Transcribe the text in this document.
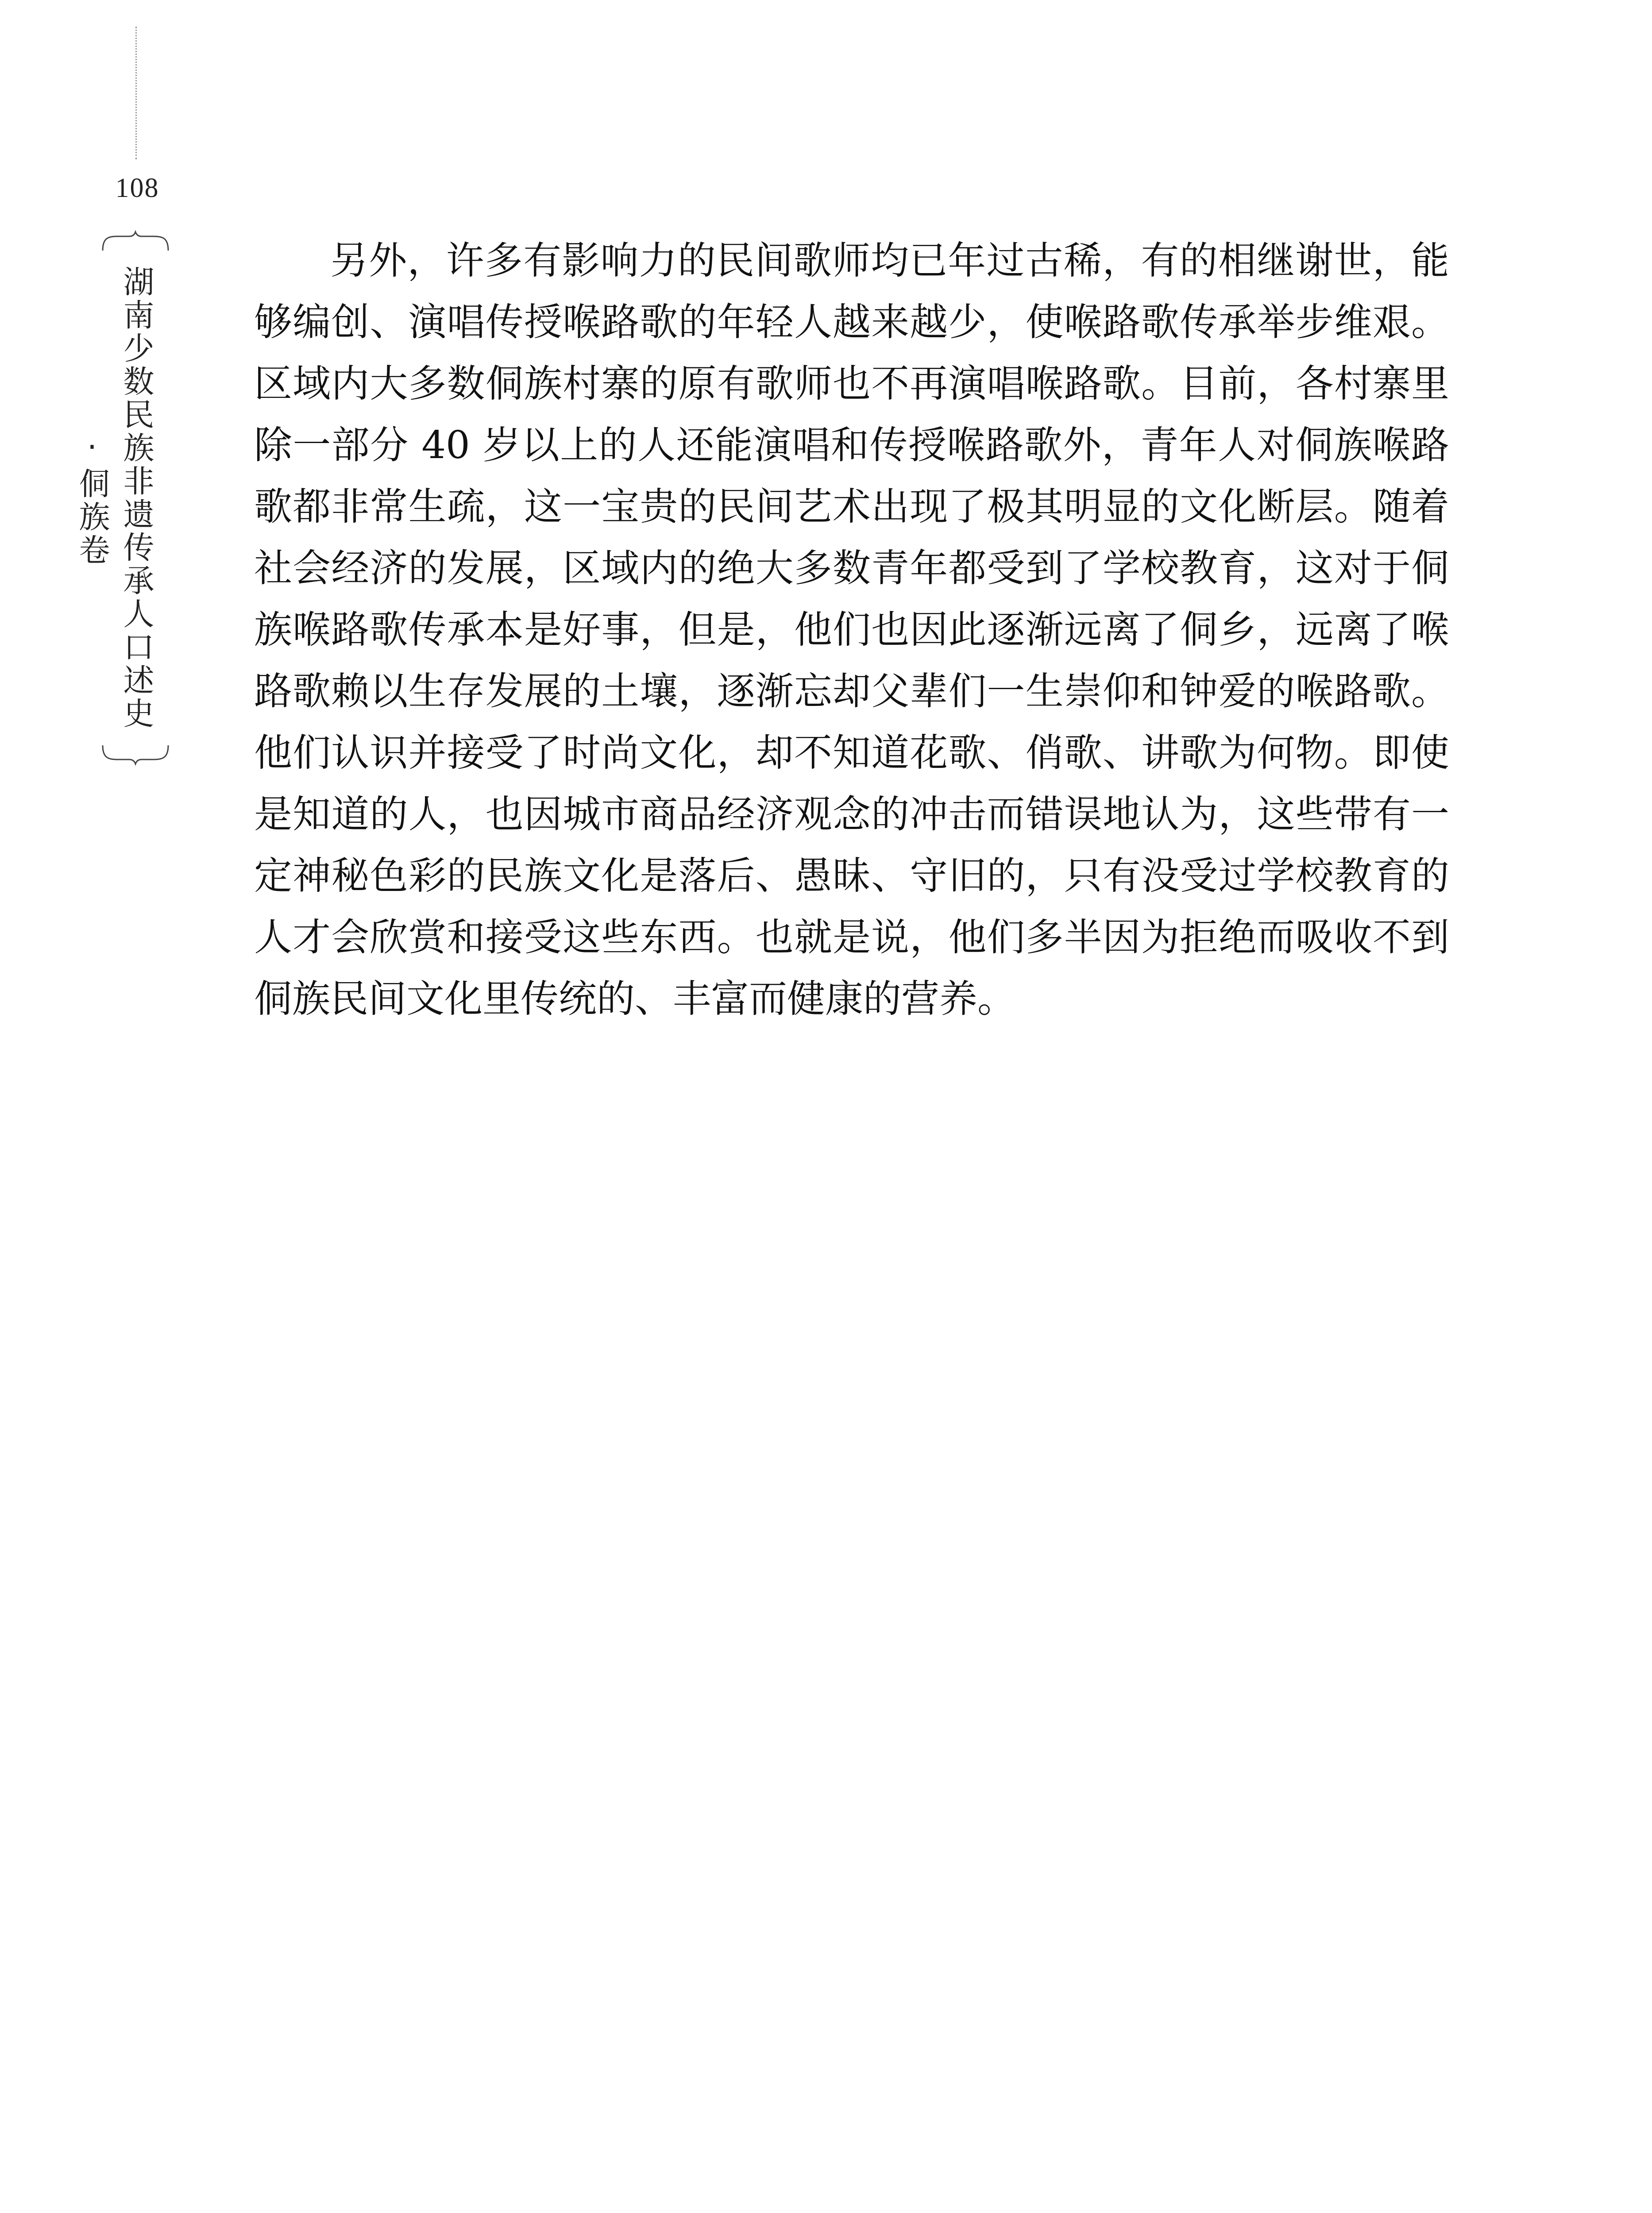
108
湖南少数民族非遗传承人口述史·侗族卷

另外，许多有影响力的民间歌师均已年过古稀，有的相继谢世，能够编创、演唱传授喉路歌的年轻人越来越少，使喉路歌传承举步维艰。区域内大多数侗族村寨的原有歌师也不再演唱喉路歌。目前，各村寨里除一部分 40 岁以上的人还能演唱和传授喉路歌外，青年人对侗族喉路歌都非常生疏，这一宝贵的民间艺术出现了极其明显的文化断层。随着社会经济的发展，区域内的绝大多数青年都受到了学校教育，这对于侗族喉路歌传承本是好事，但是，他们也因此逐渐远离了侗乡，远离了喉路歌赖以生存发展的土壤，逐渐忘却父辈们一生崇仰和钟爱的喉路歌。他们认识并接受了时尚文化，却不知道花歌、俏歌、讲歌为何物。即使是知道的人，也因城市商品经济观念的冲击而错误地认为，这些带有一定神秘色彩的民族文化是落后、愚昧、守旧的，只有没受过学校教育的人才会欣赏和接受这些东西。也就是说，他们多半因为拒绝而吸收不到侗族民间文化里传统的、丰富而健康的营养。
